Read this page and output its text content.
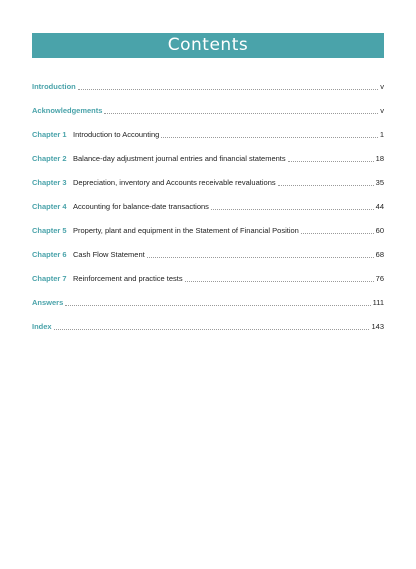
Contents
Introduction	v
Acknowledgements	v
Chapter 1 Introduction to Accounting	1
Chapter 2 Balance-day adjustment journal entries and financial statements	18
Chapter 3 Depreciation, inventory and Accounts receivable revaluations	35
Chapter 4 Accounting for balance-date transactions	44
Chapter 5 Property, plant and equipment in the Statement of Financial Position	60
Chapter 6 Cash Flow Statement	68
Chapter 7 Reinforcement and practice tests	76
Answers	111
Index	143
